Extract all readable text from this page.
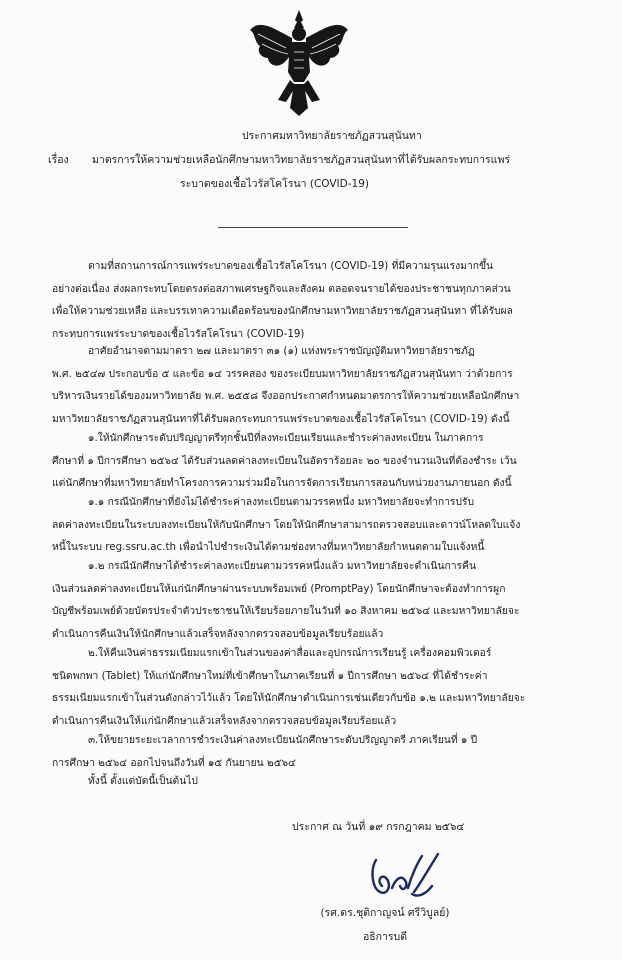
ประกาศมหาวิทยาลัยราชภัฏสวนสุนันทา
เรื่อง มาตรการให้ความช่วยเหลือนักศึกษามหาวิทยาลัยราชภัฏสวนสุนันทาที่ได้รับผลกระทบการแพร่
ระบาดของเชื้อไวรัสโคโรนา (COVID-19)
ตามที่สถานการณ์การแพร่ระบาดของเชื้อไวรัสโคโรนา (COVID-19) ที่มีความรุนแรงมากขึ้น
อย่างต่อเนื่อง ส่งผลกระทบโดยตรงต่อสภาพเศรษฐกิจและสังคม ตลอดจนรายได้ของประชาชนทุกภาคส่วน
เพื่อให้ความช่วยเหลือ และบรรเทาความเดือดร้อนของนักศึกษามหาวิทยาลัยราชภัฏสวนสุนันทา ที่ได้รับผล
กระทบการแพร่ระบาดของเชื้อไวรัสโคโรนา (COVID-19)
อาศัยอำนาจตามมาตรา ๒๗ และมาตรา ๓๑ (๑) แห่งพระราชบัญญัติมหาวิทยาลัยราชภัฏ
พ.ศ. ๒๕๔๗ ประกอบข้อ ๕ และข้อ ๑๔ วรรคสอง ของระเบียบมหาวิทยาลัยราชภัฏสวนสุนันทา ว่าด้วยการ
บริหารเงินรายได้ของมหาวิทยาลัย พ.ศ. ๒๕๕๘ จึงออกประกาศกำหนดมาตรการให้ความช่วยเหลือนักศึกษา
มหาวิทยาลัยราชภัฏสวนสุนันทาที่ได้รับผลกระทบการแพร่ระบาดของเชื้อไวรัสโคโรนา (COVID-19) ดังนี้
๑.ให้นักศึกษาระดับปริญญาตรีทุกชั้นปีที่ลงทะเบียนเรียนและชำระค่าลงทะเบียน ในภาคการ
ศึกษาที่ ๑ ปีการศึกษา ๒๕๖๔ ได้รับส่วนลดค่าลงทะเบียนในอัตราร้อยละ ๒๐ ของจำนวนเงินที่ต้องชำระ เว้น
แต่นักศึกษาที่มหาวิทยาลัยทำโครงการความร่วมมือในการจัดการเรียนการสอนกับหน่วยงานภายนอก ดังนี้
๑.๑ กรณีนักศึกษาที่ยังไม่ได้ชำระค่าลงทะเบียนตามวรรคหนึ่ง มหาวิทยาลัยจะทำการปรับ
ลดค่าลงทะเบียนในระบบลงทะเบียนให้กับนักศึกษา โดยให้นักศึกษาสามารถตรวจสอบและดาวน์โหลดใบแจ้ง
หนี้ในระบบ reg.ssru.ac.th เพื่อนำไปชำระเงินได้ตามช่องทางที่มหาวิทยาลัยกำหนดตามใบแจ้งหนี้
๑.๒ กรณีนักศึกษาได้ชำระค่าลงทะเบียนตามวรรคหนึ่งแล้ว มหาวิทยาลัยจะดำเนินการคืน
เงินส่วนลดค่าลงทะเบียนให้แก่นักศึกษาผ่านระบบพร้อมเพย์ (PromptPay) โดยนักศึกษาจะต้องทำการผูก
บัญชีพร้อมเพย์ด้วยบัตรประจำตัวประชาชนให้เรียบร้อยภายในวันที่ ๑๐ สิงหาคม ๒๕๖๔ และมหาวิทยาลัยจะ
ดำเนินการคืนเงินให้นักศึกษาแล้วเสร็จหลังจากตรวจสอบข้อมูลเรียบร้อยแล้ว
๒.ให้คืนเงินค่าธรรมเนียมแรกเข้าในส่วนของค่าสื่อและอุปกรณ์การเรียนรู้ เครื่องคอมพิวเตอร์
ชนิดพกพา (Tablet) ให้แก่นักศึกษาใหม่ที่เข้าศึกษาในภาคเรียนที่ ๑ ปีการศึกษา ๒๕๖๔ ที่ได้ชำระค่า
ธรรมเนียมแรกเข้าในส่วนดังกล่าวไว้แล้ว โดยให้นักศึกษาดำเนินการเช่นเดียวกับข้อ ๑.๒ และมหาวิทยาลัยจะ
ดำเนินการคืนเงินให้แก่นักศึกษาแล้วเสร็จหลังจากตรวจสอบข้อมูลเรียบร้อยแล้ว
๓.ให้ขยายระยะเวลาการชำระเงินค่าลงทะเบียนนักศึกษาระดับปริญญาตรี ภาคเรียนที่ ๑ ปี
การศึกษา ๒๕๖๔ ออกไปจนถึงวันที่ ๑๕ กันยายน ๒๕๖๔
ทั้งนี้ ตั้งแต่บัดนี้เป็นต้นไป
ประกาศ ณ วันที่ ๑๙ กรกฎาคม ๒๕๖๔
(รศ.ดร.ชุติกาญจน์ ศรีวิบูลย์)
อธิการบดี
